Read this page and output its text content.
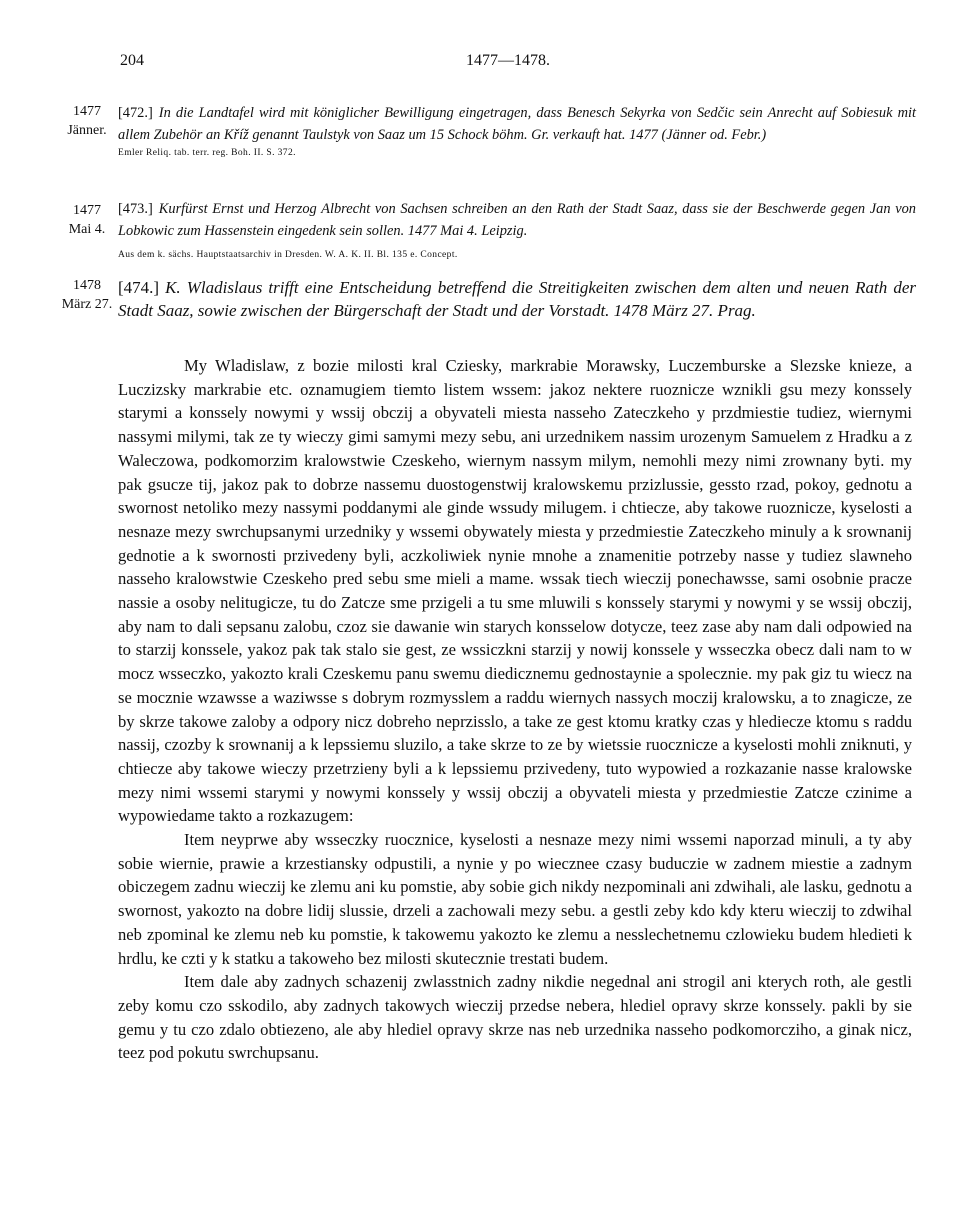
204	1477—1478.
1477
Jänner.

[472.] In die Landtafel wird mit königlicher Bewilligung eingetragen, dass Benesch Sekyrka von Sedčic sein Anrecht auf Sobiesuk mit allem Zubehör an Kříž genannt Taulstyk von Saaz um 15 Schock böhm. Gr. verkauft hat. 1477 (Jänner od. Febr.)

Emler Reliq. tab. terr. reg. Boh. II. S. 372.

1477
Mai 4.

[473.] Kurfürst Ernst und Herzog Albrecht von Sachsen schreiben an den Rath der Stadt Saaz, dass sie der Beschwerde gegen Jan von Lobkowic zum Hassenstein eingedenk sein sollen. 1477 Mai 4. Leipzig.

Aus dem k. sächs. Hauptstaatsarchiv in Dresden. W. A. K. II. Bl. 135 e. Concept.

1478
März 27.

[474.] K. Wladislaus trifft eine Entscheidung betreffend die Streitigkeiten zwischen dem alten und neuen Rath der Stadt Saaz, sowie zwischen der Bürgerschaft der Stadt und der Vorstadt. 1478 März 27. Prag.

My Wladislaw, z bozie milosti kral Cziesky, markrabie Morawsky, Luczemburske a Slezske knieze, a Luczizsky markrabie etc. oznamugiem tiemto listem wssem: jakoz nektere ruoznicze wznikli gsu mezy konssely starymi a konssely nowymi y wssij obczij a obyvateli miesta nasseho Zateczkeho y przdmiestie tudiez, wiernymi nassymi milymi, tak ze ty wieczy gimi samymi mezy sebu, ani urzednikem nassim urozenym Samuelem z Hradku a z Waleczowa, podkomorzim kralowstwie Czeskeho, wiernym nassym milym, nemohli mezy nimi zrownany byti. my pak gsucze tij, jakoz pak to dobrze nassemu duostogenstwij kralowskemu przizlussie, gessto rzad, pokoy, gednotu a swornost netoliko mezy nassymi poddanymi ale ginde wssudy milugem. i chtiecze, aby takowe ruoznicze, kyselosti a nesnaze mezy swrchupsanymi urzedniky y wssemi obywately miesta y przedmiestie Zateczkeho minuly a k srownanij gednotie a k swornosti przivedeny byli, aczkoliwiek nynie mnohe a znamenitie potrzeby nasse y tudiez slawneho nasseho kralowstwie Czeskeho pred sebu sme mieli a mame. wssak tiech wieczij ponechawsse, sami osobnie pracze nassie a osoby nelitugicze, tu do Zatcze sme przigeli a tu sme mluwili s konssely starymi y nowymi y se wssij obczij, aby nam to dali sepsanu zalobu, czoz sie dawanie win starych konsselow dotycze, teez zase aby nam dali odpowied na to starzij konssele, yakoz pak tak stalo sie gest, ze wssiczkni starzij y nowij konssele y wsseczka obecz dali nam to w mocz wsseczko, yakozto krali Czeskemu panu swemu diedicznemu gednostaynie a spolecznie. my pak giz tu wiecz na se mocznie wzawsse a waziwsse s dobrym rozmysslem a raddu wiernych nassych moczij kralowsku, a to znagicze, ze by skrze takowe zaloby a odpory nicz dobreho neprzisslo, a take ze gest ktomu kratky czas y hlediecze ktomu s raddu nassij, czozby k srownanij a k lepssiemu sluzilo, a take skrze to ze by wietssie ruocznicze a kyselosti mohli zniknuti, y chtiecze aby takowe wieczy przetrzieny byli a k lepssiemu przivedeny, tuto wypowied a rozkazanie nasse kralowske mezy nimi wssemi starymi y nowymi konssely y wssij obczij a obyvateli miesta y przedmiestie Zatcze czinime a wypowiedame takto a rozkazugem:

Item neyprwe aby wsseczky ruocznice, kyselosti a nesnaze mezy nimi wssemi naporzad minuli, a ty aby sobie wiernie, prawie a krzestiansky odpustili, a nynie y po wiecznee czasy buduczie w zadnem miestie a zadnym obiczegem zadnu wieczij ke zlemu ani ku pomstie, aby sobie gich nikdy nezpominali ani zdwihali, ale lasku, gednotu a swornost, yakozto na dobre lidij slussie, drzeli a zachowali mezy sebu. a gestli zeby kdo kdy kteru wieczij to zdwihal neb zpominal ke zlemu neb ku pomstie, k takowemu yakozto ke zlemu a nesslechetnemu czlowieku budem hledieti k hrdlu, ke czti y k statku a takoweho bez milosti skutecznie trestati budem.

Item dale aby zadnych schazenij zwlasstnich zadny nikdie negednal ani strogil ani kterych roth, ale gestli zeby komu czo sskodilo, aby zadnych takowych wieczij przedse nebera, hlediel opravy skrze konssely. pakli by sie gemu y tu czo zdalo obtiezeno, ale aby hlediel opravy skrze nas neb urzednika nasseho podkomorcziho, a ginak nicz, teez pod pokutu swrchupsanu.
